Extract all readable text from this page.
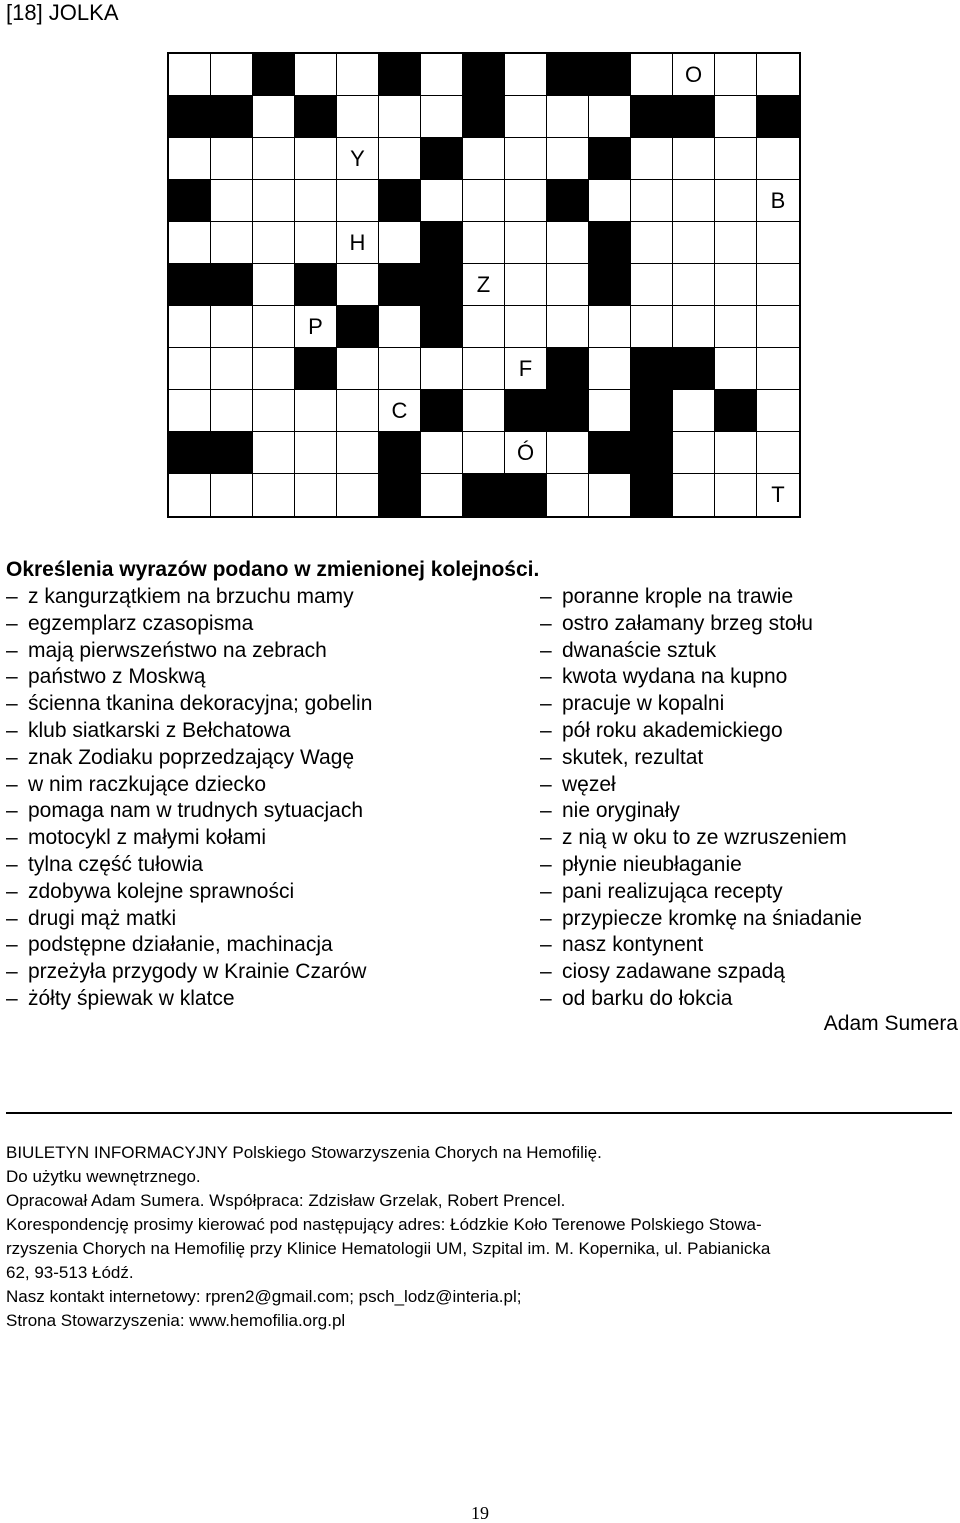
[18] JOLKA
O
Y
B
H
Z
P
F
C
Ó
T
Określenia wyrazów podano w zmienionej kolejności.
– z kangurzątkiem na brzuchu mamy
– egzemplarz czasopisma
– mają pierwszeństwo na zebrach
– państwo z Moskwą
– ścienna tkanina dekoracyjna; gobelin
– klub siatkarski z Bełchatowa
– znak Zodiaku poprzedzający Wagę
– w nim raczkujące dziecko
– pomaga nam w trudnych sytuacjach
– motocykl z małymi kołami
– tylna część tułowia
– zdobywa kolejne sprawności
– drugi mąż matki
– podstępne działanie, machinacja
– przeżyła przygody w Krainie Czarów
– żółty śpiewak w klatce
– poranne krople na trawie
– ostro załamany brzeg stołu
– dwanaście sztuk
– kwota wydana na kupno
– pracuje w kopalni
– pół roku akademickiego
– skutek, rezultat
– węzeł
– nie oryginały
– z nią w oku to ze wzruszeniem
– płynie nieubłaganie
– pani realizująca recepty
– przypiecze kromkę na śniadanie
– nasz kontynent
– ciosy zadawane szpadą
– od barku do łokcia
Adam Sumera

BIULETYN INFORMACYJNY Polskiego Stowarzyszenia Chorych na Hemofilię.

Do użytku wewnętrznego.

Opracował Adam Sumera. Współpraca: Zdzisław Grzelak, Robert Prencel.

Korespondencję prosimy kierować pod następujący adres: Łódzkie Koło Terenowe Polskiego Stowa-

rzyszenia Chorych na Hemofilię przy Klinice Hematologii UM, Szpital im. M. Kopernika, ul. Pabianicka

62, 93-513 Łódź.

Nasz kontakt internetowy: rpren2@gmail.com; psch_lodz@interia.pl;

Strona Stowarzyszenia: www.hemofilia.org.pl

19
